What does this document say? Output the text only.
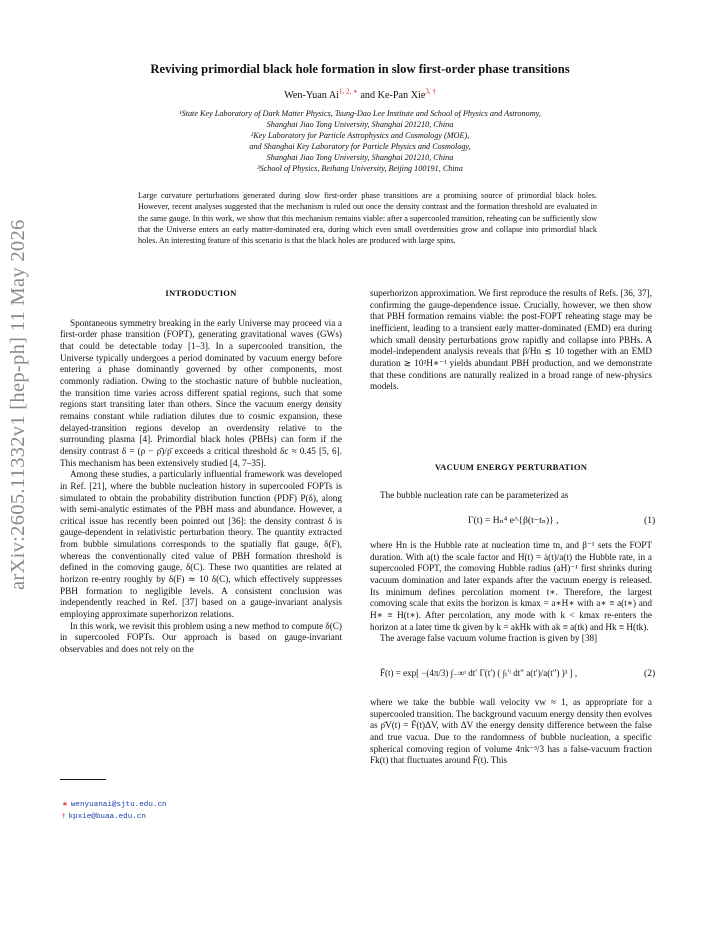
arXiv:2605.11332v1 [hep-ph] 11 May 2026
Reviving primordial black hole formation in slow first-order phase transitions
Wen-Yuan $Ai^{1, 2, ∗}$ and Ke-Pan Xie$^{3, \dagger}$
¹State Key Laboratory of Dark Matter Physics, Tsung-Dao Lee Institute and School of Physics and Astronomy,
Shanghai Jiao Tong University, Shanghai 201210, China
²Key Laboratory for Particle Astrophysics and Cosmology (MOE),
and Shanghai Key Laboratory for Particle Physics and Cosmology,
Shanghai Jiao Tong University, Shanghai 201210, China
³School of Physics, Beihang University, Beijing 100191, China
Large curvature perturbations generated during slow first-order phase transitions are a promising source of primordial black holes. However, recent analyses suggested that the mechanism is ruled out once the density contrast and the formation threshold are evaluated in the same gauge. In this work, we show that this mechanism remains viable: after a supercooled transition, reheating can be sufficiently slow that the Universe enters an early matter-dominated era, during which even small overdensities grow and collapse into primordial black holes. An interesting feature of this scenario is that the black holes are produced with large spins.
INTRODUCTION

Spontaneous symmetry breaking in the early Universe may proceed via a first-order phase transition (FOPT), generating gravitational waves (GWs) that could be detectable today [1–3]. In a supercooled transition, the Universe typically undergoes a period dominated by vacuum energy before entering a phase dominantly governed by other components, most commonly radiation. Owing to the stochastic nature of bubble nucleation, the transition time varies across different spatial regions, such that some regions start transiting later than others. Since the vacuum energy density remains constant while radiation dilutes due to cosmic expansion, these delayed-transition regions develop an overdensity relative to the surrounding plasma [4]. Primordial black holes (PBHs) can form if the density contrast δ = (ρ − ρ̄)/ρ̄ exceeds a critical threshold δc ≈ 0.45 [5, 6]. This mechanism has been extensively studied [4, 7–35].

Among these studies, a particularly influential framework was developed in Ref. [21], where the bubble nucleation history in supercooled FOPTs is simulated to obtain the probability distribution function (PDF) P(δ), along with semi-analytic estimates of the PBH mass and abundance. However, a critical issue has recently been pointed out [36]: the density contrast δ is gauge-dependent in relativistic perturbation theory. The quantity extracted from bubble simulations corresponds to the spatially flat gauge, δ(F), whereas the conventionally cited value of PBH formation threshold is defined in the comoving gauge, δ(C). These two quantities are related at horizon re-entry roughly by δ(F) ≃ 10 δ(C), which effectively suppresses PBH formation to negligible levels. A consistent conclusion was independently reached in Ref. [37] based on a gauge-invariant analysis employing approximate superhorizon relations.

In this work, we revisit this problem using a new method to compute δ(C) in supercooled FOPTs. Our approach is based on gauge-invariant observables and does not rely on the

superhorizon approximation. We first reproduce the results of Refs. [36, 37], confirming the gauge-dependence issue. Crucially, however, we then show that PBH formation remains viable: the post-FOPT reheating stage may be inefficient, leading to a transient early matter-dominated (EMD) era during which small density perturbations grow rapidly and collapse into PBHs. A model-independent analysis reveals that β/Hn ≲ 10 together with an EMD duration ≳ 10²H∗⁻¹ yields abundant PBH production, and we demonstrate that these conditions are naturally realized in a broad range of new-physics models.

VACUUM ENERGY PERTURBATION

The bubble nucleation rate can be parameterized as

Γ(t) = Hₙ⁴ e^{β(t−tₙ)} ,	(1)

where Hn is the Hubble rate at nucleation time tn, and β⁻¹ sets the FOPT duration. With a(t) the scale factor and H(t) = ȧ(t)/a(t) the Hubble rate, in a supercooled FOPT, the comoving Hubble radius (aH)⁻¹ first shrinks during vacuum domination and later expands after the vacuum energy is released. Its minimum defines percolation moment t∗. Therefore, the largest comoving scale that exits the horizon is kmax = a∗H∗ with a∗ ≡ a(t∗) and H∗ ≡ H(t∗). After percolation, any mode with k < kmax re-enters the horizon at a later time tk given by k = akHk with ak ≡ a(tk) and Hk ≡ H(tk).

The average false vacuum volume fraction is given by [38]

F̄(t) = exp[ −(4π/3) ∫₋∞ᵗ dt′ Γ(t′) ( ∫ₜ′ᵗ dt″ a(t′)/a(t″) )³ ] ,	(2)

where we take the bubble wall velocity vw ≈ 1, as appropriate for a supercooled transition. The background vacuum energy density then evolves as ρ̄V(t) = F̄(t)ΔV, with ΔV the energy density difference between the false and true vacua. Due to the randomness of bubble nucleation, a specific spherical comoving region of volume 4πk⁻³/3 has a false-vacuum fraction Fk(t) that fluctuates around F̄(t). This

∗ wenyuanai@sjtu.edu.cn
† kpxie@buaa.edu.cn
